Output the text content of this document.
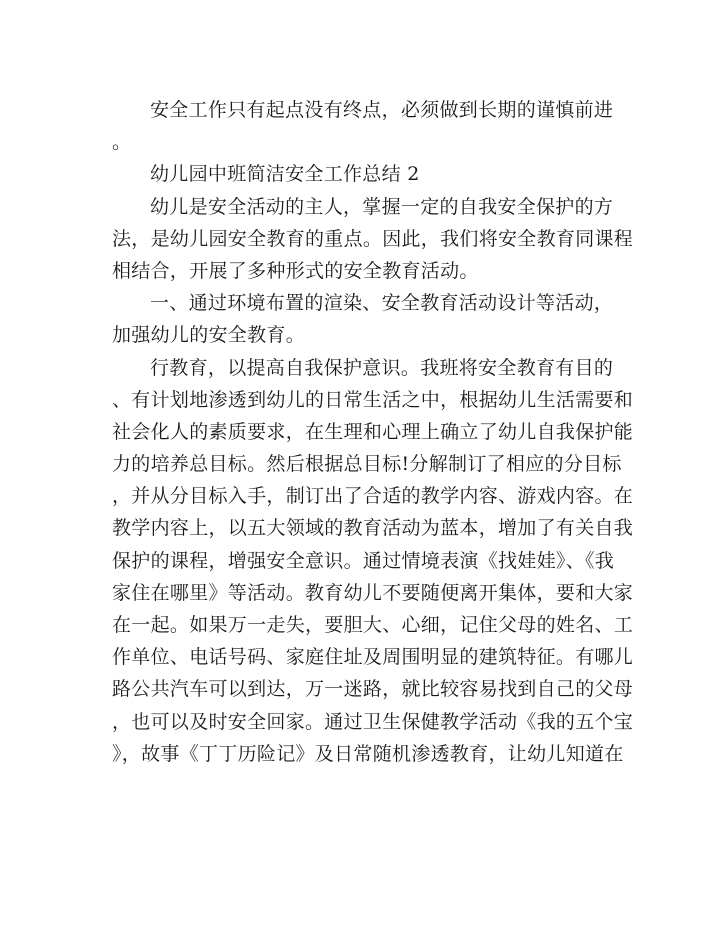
安全工作只有起点没有终点，必须做到长期的谨慎前进
。
幼儿园中班简洁安全工作总结 2
幼儿是安全活动的主人，掌握一定的自我安全保护的方
法，是幼儿园安全教育的重点。因此，我们将安全教育同课程
相结合，开展了多种形式的安全教育活动。
一、通过环境布置的渲染、安全教育活动设计等活动，
加强幼儿的安全教育。
行教育，以提高自我保护意识。我班将安全教育有目的
、有计划地渗透到幼儿的日常生活之中，根据幼儿生活需要和
社会化人的素质要求，在生理和心理上确立了幼儿自我保护能
力的培养总目标。然后根据总目标!分解制订了相应的分目标
，并从分目标入手，制订出了合适的教学内容、游戏内容。在
教学内容上，以五大领域的教育活动为蓝本，增加了有关自我
保护的课程，增强安全意识。通过情境表演《找娃娃》、《我
家住在哪里》等活动。教育幼儿不要随便离开集体，要和大家
在一起。如果万一走失，要胆大、心细，记住父母的姓名、工
作单位、电话号码、家庭住址及周围明显的建筑特征。有哪儿
路公共汽车可以到达，万一迷路，就比较容易找到自己的父母
，也可以及时安全回家。通过卫生保健教学活动《我的五个宝
》，故事《丁丁历险记》及日常随机渗透教育，让幼儿知道在
